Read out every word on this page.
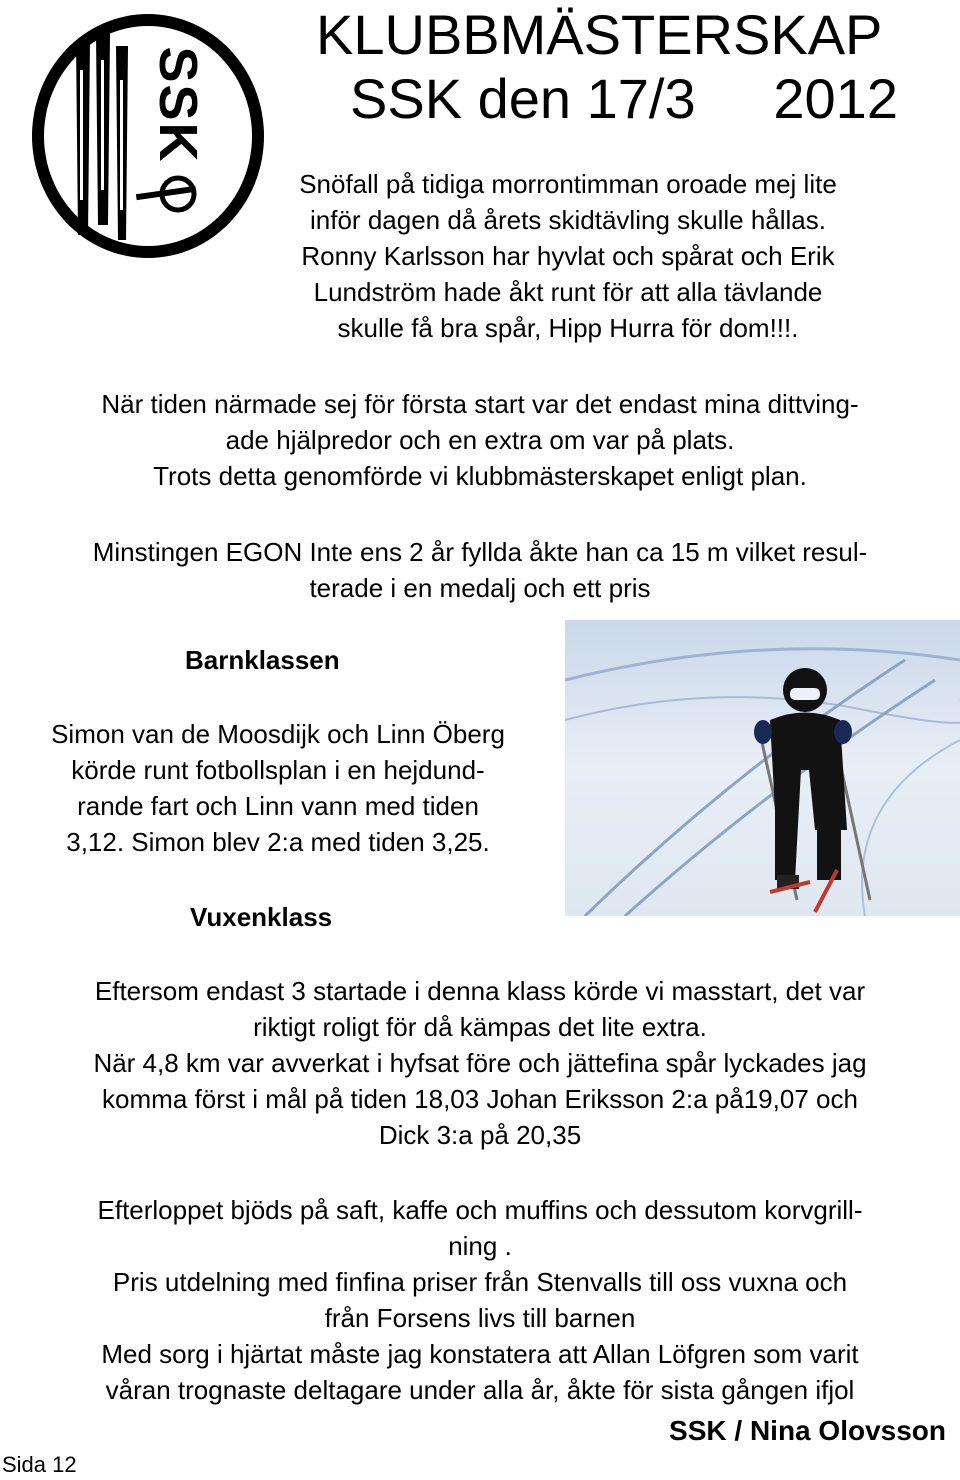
SSK
KLUBBMÄSTERSKAP
SSK den 17/3     2012
Snöfall på tidiga morrontimman oroade mej lite
inför dagen då årets skidtävling skulle hållas.
Ronny Karlsson har hyvlat och spårat och Erik
Lundström hade åkt runt för att alla tävlande
skulle få bra spår, Hipp Hurra för dom!!!.
När tiden närmade sej för första start var det endast mina dittving-
ade hjälpredor och en extra om var på plats.
Trots detta genomförde vi klubbmästerskapet enligt plan.
Minstingen EGON Inte ens 2 år fyllda åkte han ca 15 m vilket resul-
terade i en medalj och ett pris
Barnklassen
Simon van de Moosdijk och Linn Öberg
körde runt fotbollsplan i en hejdund-
rande fart och Linn vann med tiden
3,12. Simon blev 2:a med tiden 3,25.
Vuxenklass
Eftersom endast 3 startade i denna klass körde vi masstart, det var
riktigt roligt för då kämpas det lite extra.
När 4,8 km var avverkat i hyfsat före och jättefina spår lyckades jag
komma först i mål på tiden 18,03 Johan Eriksson 2:a på19,07 och
Dick 3:a på 20,35
Efterloppet bjöds på saft, kaffe och muffins och dessutom korvgrill-
ning .
Pris utdelning med finfina priser från Stenvalls till oss vuxna och
från Forsens livs till barnen
Med sorg i hjärtat måste jag konstatera att Allan Löfgren som varit
våran trognaste deltagare under alla år, åkte för sista gången ifjol
SSK / Nina Olovsson
Sida 12
